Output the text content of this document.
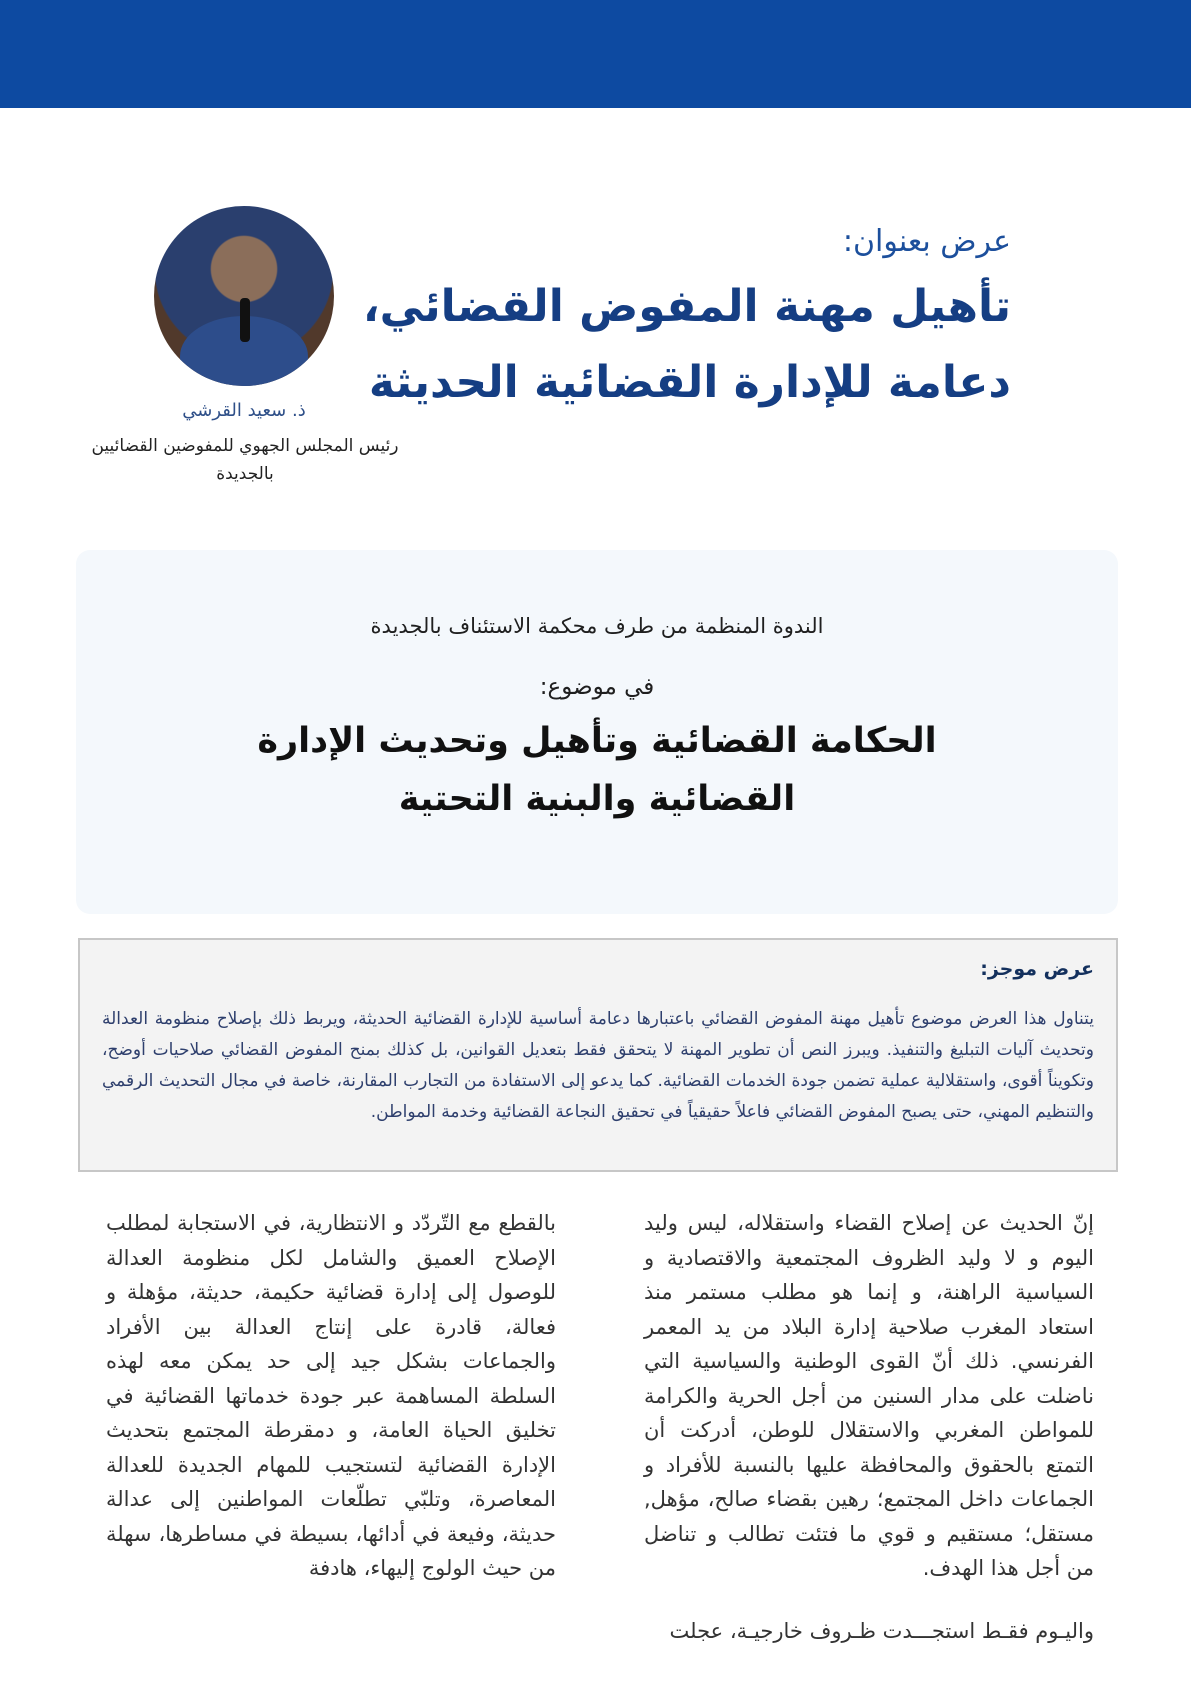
عرض بعنوان:

تأهيل مهنة المفوض القضائي،

دعامة للإدارة القضائية الحديثة

ذ. سعيد القرشي
رئيس المجلس الجهوي للمفوضين القضائيين
بالجديدة
الندوة المنظمة من طرف محكمة الاستئناف بالجديدة
في موضوع:
الحكامة القضائية وتأهيل وتحديث الإدارة القضائية والبنية التحتية
عرض موجز:
يتناول هذا العرض موضوع تأهيل مهنة المفوض القضائي باعتبارها دعامة أساسية للإدارة القضائية الحديثة، ويربط ذلك بإصلاح منظومة العدالة وتحديث آليات التبليغ والتنفيذ. ويبرز النص أن تطوير المهنة لا يتحقق فقط بتعديل القوانين، بل كذلك بمنح المفوض القضائي صلاحيات أوضح، وتكويناً أقوى، واستقلالية عملية تضمن جودة الخدمات القضائية. كما يدعو إلى الاستفادة من التجارب المقارنة، خاصة في مجال التحديث الرقمي والتنظيم المهني، حتى يصبح المفوض القضائي فاعلاً حقيقياً في تحقيق النجاعة القضائية وخدمة المواطن.

إنّ الحديث عن إصلاح القضاء واستقلاله، ليس وليد اليوم و لا وليد الظروف المجتمعية والاقتصادية و السياسية الراهنة، و إنما هو مطلب مستمر منذ استعاد المغرب صلاحية إدارة البلاد من يد المعمر الفرنسي. ذلك أنّ القوى الوطنية والسياسية التي ناضلت على مدار السنين من أجل الحرية والكرامة للمواطن المغربي والاستقلال للوطن، أدركت أن التمتع بالحقوق والمحافظة عليها بالنسبة للأفراد و الجماعات داخل المجتمع؛ رهين بقضاء صالح، مؤهل, مستقل؛ مستقيم و قوي ما فتئت تطالب و تناضل من أجل هذا الهدف.

واليـوم فقـط استجـــدت ظـروف خارجيـة، عجلت

بالقطع مع التّردّد و الانتظارية، في الاستجابة لمطلب الإصلاح العميق والشامل لكل منظومة العدالة للوصول إلى إدارة قضائية حكيمة، حديثة، مؤهلة و فعالة، قادرة على إنتاج العدالة بين الأفراد والجماعات بشكل جيد إلى حد يمكن معه لهذه السلطة المساهمة عبر جودة خدماتها القضائية في تخليق الحياة العامة، و دمقرطة المجتمع بتحديث الإدارة القضائية لتستجيب للمهام الجديدة للعدالة المعاصرة، وتلبّي تطلّعات المواطنين إلى عدالة حديثة، وفيعة في أدائها، بسيطة في مساطرها، سهلة من حيث الولوج إليهاء، هادفة
